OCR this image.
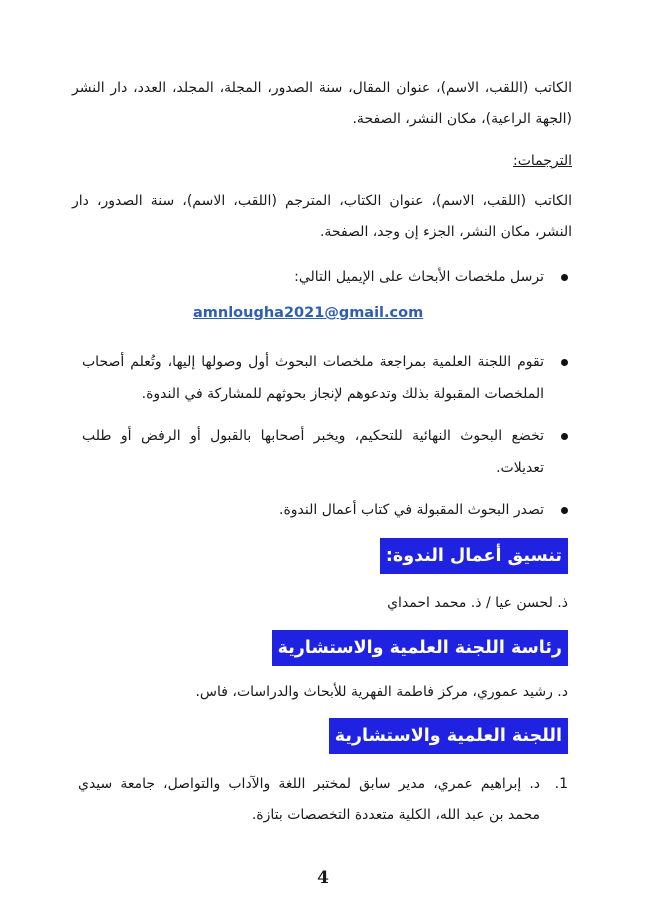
الكاتب (اللقب، الاسم)، عنوان المقال، سنة الصدور، المجلة، المجلد، العدد، دار النشر (الجهة الراعية)، مكان النشر، الصفحة.
الترجمات:
الكاتب (اللقب، الاسم)، عنوان الكتاب، المترجم (اللقب، الاسم)، سنة الصدور، دار النشر، مكان النشر، الجزء إن وجد، الصفحة.
ترسل ملخصات الأبحاث على الإيميل التالي:
amnlougha2021@gmail.com
تقوم اللجنة العلمية بمراجعة ملخصات البحوث أول وصولها إليها، وتُعلم أصحاب الملخصات المقبولة بذلك وتدعوهم لإنجاز بحوثهم للمشاركة في الندوة.
تخضع البحوث النهائية للتحكيم، ويخبر أصحابها بالقبول أو الرفض أو طلب تعديلات.
تصدر البحوث المقبولة في كتاب أعمال الندوة.
تنسيق أعمال الندوة:
ذ. لحسن عيا / ذ. محمد احمداي
رئاسة اللجنة العلمية والاستشارية
د. رشيد عموري، مركز فاطمة الفهرية للأبحاث والدراسات، فاس.
اللجنة العلمية والاستشارية
1.
د. إبراهيم عمري، مدير سابق لمختبر اللغة والآداب والتواصل، جامعة سيدي محمد بن عبد الله، الكلية متعددة التخصصات بتازة.
4
